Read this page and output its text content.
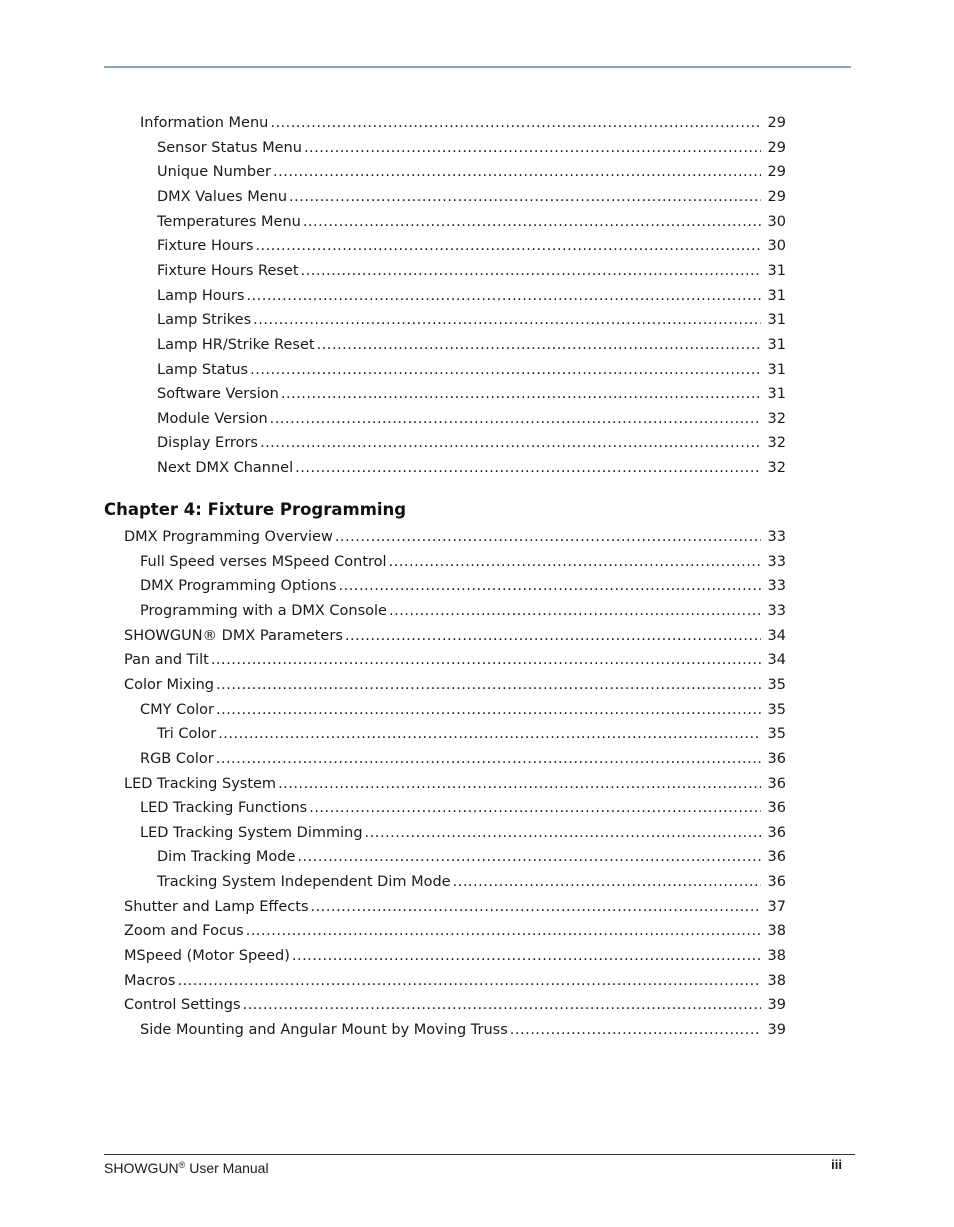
Information Menu .....	29
Sensor Status Menu .....	29
Unique Number .....	29
DMX Values Menu .....	29
Temperatures Menu .....	30
Fixture Hours .....	30
Fixture Hours Reset .....	31
Lamp Hours .....	31
Lamp Strikes .....	31
Lamp HR/Strike Reset .....	31
Lamp Status .....	31
Software Version .....	31
Module Version .....	32
Display Errors .....	32
Next DMX Channel .....	32
Chapter 4: Fixture Programming
DMX Programming Overview .....	33
Full Speed verses MSpeed Control .....	33
DMX Programming Options .....	33
Programming with a DMX Console .....	33
SHOWGUN® DMX Parameters .....	34
Pan and Tilt .....	34
Color Mixing .....	35
CMY Color .....	35
Tri Color .....	35
RGB Color .....	36
LED Tracking System .....	36
LED Tracking Functions .....	36
LED Tracking System Dimming .....	36
Dim Tracking Mode .....	36
Tracking System Independent Dim Mode .....	36
Shutter and Lamp Effects .....	37
Zoom and Focus .....	38
MSpeed (Motor Speed) .....	38
Macros .....	38
Control Settings .....	39
Side Mounting and Angular Mount by Moving Truss .....	39
SHOWGUN® User Manual	iii
